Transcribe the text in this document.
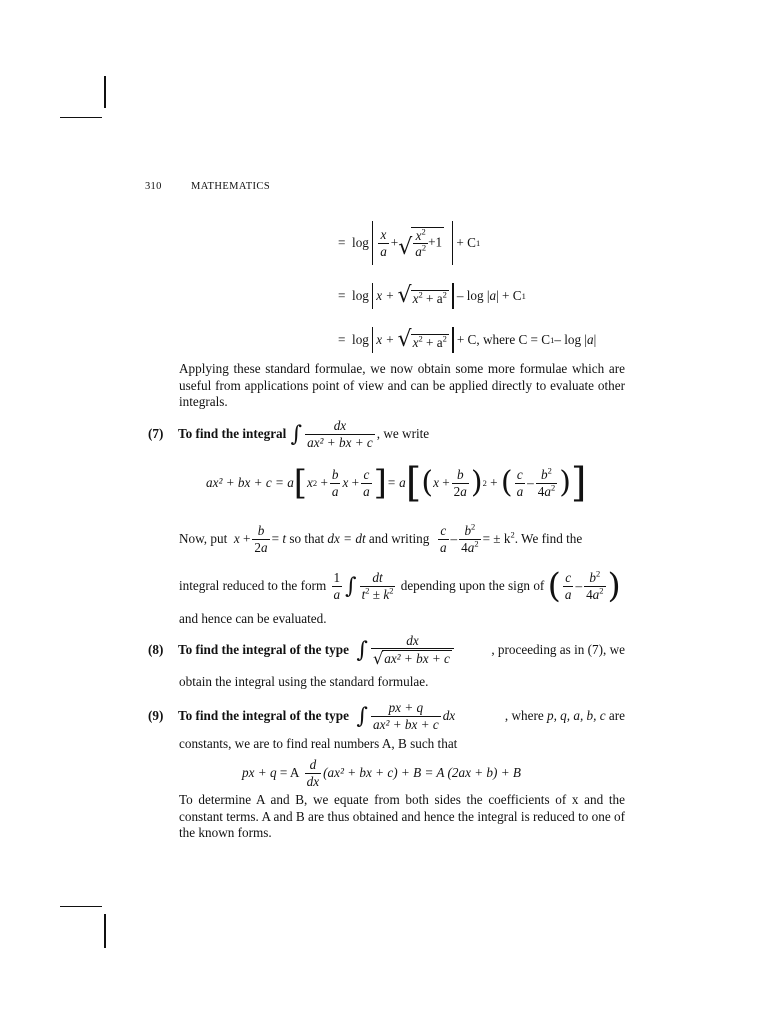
310	MATHEMATICS
=
$\log \frac{x}{a}$ + √ $\frac{x^2}{a^2} +1 + C$ 1
=
log x +
√ $x^2 + a^2 - \log$ | a | + C 1
=
log x +
√ $x^2 + a^2 + C$ , where C = C 1 – log | a |
Applying these standard formulae, we now obtain some more formulae which are useful from applications point of view and can be applied directly to evaluate other integrals.
(7)	To find the integral
∫ $\frac{dx}{\text{ax² + bx + c}}$ , we write
ax² + bx + c =
a [ x $2 + \frac{b}{a}$ $x + \frac{c}{a}$ ] = a [ ( $x + \frac{b}{2a}$ ) 2 + ( $\frac{c}{a} - \frac{b^2}{4a^2}$ ) ]
Now, put
$x + \frac{b}{2a} = t$
so that
dx = dt
and writing
$\frac{c}{a} - \frac{b^2}{4a^2}$ = ± $k^2$ . We find the
integral reduced to the form
$\frac{1}{a}$ ∫ $\frac{dt}{t^2 \pm k^2}$
depending upon the sign of
( $\frac{c}{a} - \frac{b^2}{4a^2}$ )
and hence can be evaluated.
(8)	To find the integral of the type
∫ $\frac{dx}{\text{√ ax² + bx + c}}$	, proceeding as in (7), we
obtain the integral using the standard formulae.
(9)	To find the integral of the type
∫ $\frac{px + q}{\text{ax² + bx + c}}$ dx	, where
p, q, a, b, c
are
constants, we are to find real numbers A, B such that
px + q
= A
$\frac{d}{dx} (ax^2$ + bx + c) + B = A (2ax + b) + B
To determine A and B, we equate from both sides the coefficients of x and the constant terms. A and B are thus obtained and hence the integral is reduced to one of the known forms.
